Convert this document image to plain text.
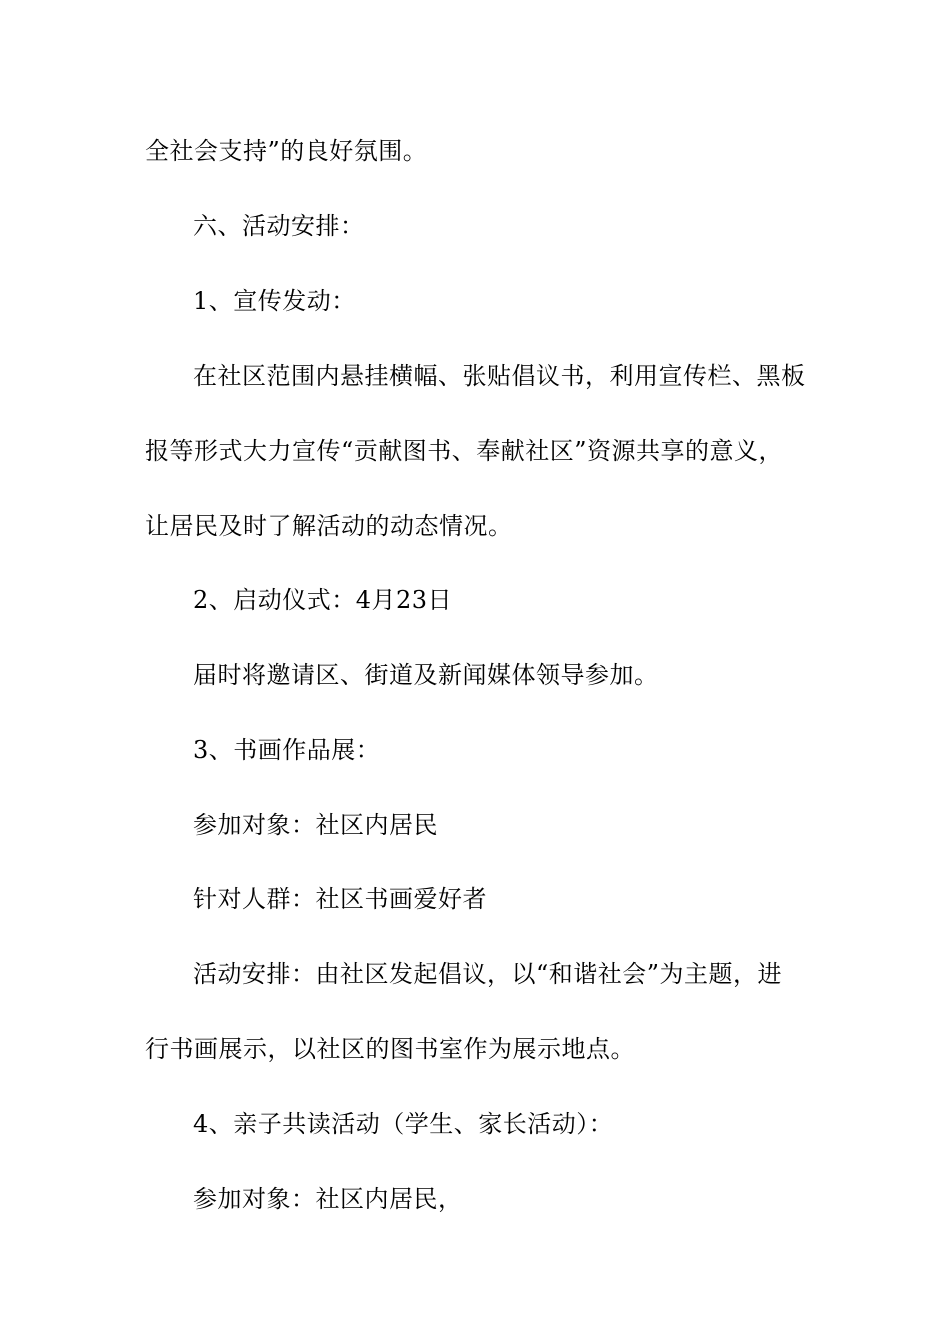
全社会支持”的良好氛围。
六、活动安排：
1、宣传发动：
在社区范围内悬挂横幅、张贴倡议书，利用宣传栏、黑板
报等形式大力宣传“贡献图书、奉献社区”资源共享的意义，
让居民及时了解活动的动态情况。
2、启动仪式：4月23日
届时将邀请区、街道及新闻媒体领导参加。
3、书画作品展：
参加对象：社区内居民
针对人群：社区书画爱好者
活动安排：由社区发起倡议，以“和谐社会”为主题，进
行书画展示，以社区的图书室作为展示地点。
4、亲子共读活动（学生、家长活动）：
参加对象：社区内居民，
